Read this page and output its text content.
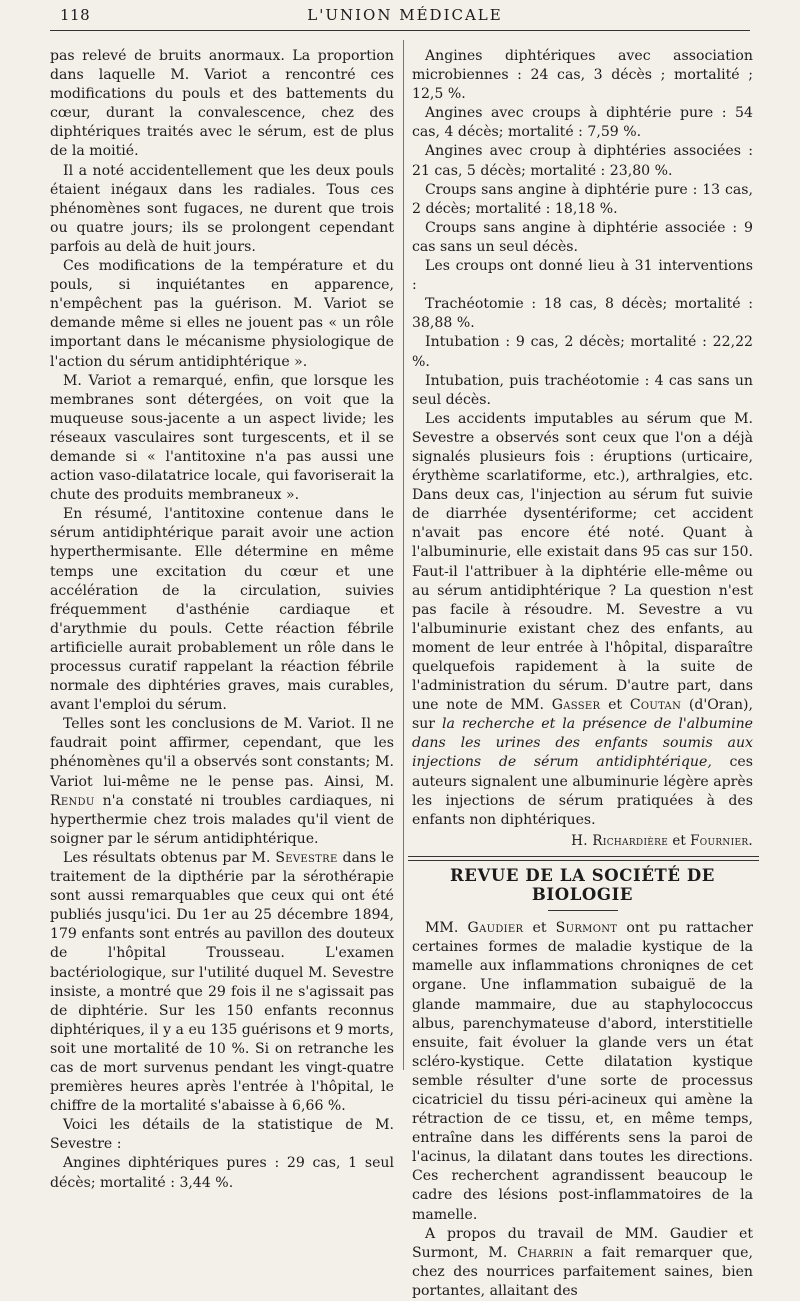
118	L'UNION MÉDICALE

pas relevé de bruits anormaux. La proportion dans laquelle M. Variot a rencontré ces modifications du pouls et des battements du cœur, durant la convalescence, chez des diphtériques traités avec le sérum, est de plus de la moitié.

Il a noté accidentellement que les deux pouls étaient inégaux dans les radiales. Tous ces phénomènes sont fugaces, ne durent que trois ou quatre jours; ils se prolongent cependant parfois au delà de huit jours.

Ces modifications de la température et du pouls, si inquiétantes en apparence, n'empêchent pas la guérison. M. Variot se demande même si elles ne jouent pas « un rôle important dans le mécanisme physiologique de l'action du sérum antidiphtérique ».

M. Variot a remarqué, enfin, que lorsque les membranes sont détergées, on voit que la muqueuse sous-jacente a un aspect livide; les réseaux vasculaires sont turgescents, et il se demande si « l'antitoxine n'a pas aussi une action vaso-dilatatrice locale, qui favoriserait la chute des produits membraneux ».

En résumé, l'antitoxine contenue dans le sérum antidiphtérique parait avoir une action hyperthermisante. Elle détermine en même temps une excitation du cœur et une accélération de la circulation, suivies fréquemment d'asthénie cardiaque et d'arythmie du pouls. Cette réaction fébrile artificielle aurait probablement un rôle dans le processus curatif rappelant la réaction fébrile normale des diphtéries graves, mais curables, avant l'emploi du sérum.

Telles sont les conclusions de M. Variot. Il ne faudrait point affirmer, cependant, que les phénomènes qu'il a observés sont constants; M. Variot lui-même ne le pense pas. Ainsi, M. Rendu n'a constaté ni troubles cardiaques, ni hyperthermie chez trois malades qu'il vient de soigner par le sérum antidiphtérique.

Les résultats obtenus par M. Sevestre dans le traitement de la dipthérie par la sérothérapie sont aussi remarquables que ceux qui ont été publiés jusqu'ici. Du 1er au 25 décembre 1894, 179 enfants sont entrés au pavillon des douteux de l'hôpital Trousseau. L'examen bactériologique, sur l'utilité duquel M. Sevestre insiste, a montré que 29 fois il ne s'agissait pas de diphtérie. Sur les 150 enfants reconnus diphtériques, il y a eu 135 guérisons et 9 morts, soit une mortalité de 10 %. Si on retranche les cas de mort survenus pendant les vingt-quatre premières heures après l'entrée à l'hôpital, le chiffre de la mortalité s'abaisse à 6,66 %.

Voici les détails de la statistique de M. Sevestre :

Angines diphtériques pures : 29 cas, 1 seul décès; mortalité : 3,44 %.

Angines diphtériques avec association microbiennes : 24 cas, 3 décès ; mortalité ; 12,5 %.

Angines avec croups à diphtérie pure : 54 cas, 4 décès; mortalité : 7,59 %.

Angines avec croup à diphtéries associées : 21 cas, 5 décès; mortalité : 23,80 %.

Croups sans angine à diphtérie pure : 13 cas, 2 décès; mortalité : 18,18 %.

Croups sans angine à diphtérie associée : 9 cas sans un seul décès.

Les croups ont donné lieu à 31 interventions :

Trachéotomie : 18 cas, 8 décès; mortalité : 38,88 %.

Intubation : 9 cas, 2 décès; mortalité : 22,22 %.

Intubation, puis trachéotomie : 4 cas sans un seul décès.

Les accidents imputables au sérum que M. Sevestre a observés sont ceux que l'on a déjà signalés plusieurs fois : éruptions (urticaire, érythème scarlatiforme, etc.), arthralgies, etc. Dans deux cas, l'injection au sérum fut suivie de diarrhée dysentériforme; cet accident n'avait pas encore été noté. Quant à l'albuminurie, elle existait dans 95 cas sur 150. Faut-il l'attribuer à la diphtérie elle-même ou au sérum antidiphtérique ? La question n'est pas facile à résoudre. M. Sevestre a vu l'albuminurie existant chez des enfants, au moment de leur entrée à l'hôpital, disparaître quelquefois rapidement à la suite de l'administration du sérum. D'autre part, dans une note de MM. Gasser et Coutan (d'Oran), sur la recherche et la présence de l'albumine dans les urines des enfants soumis aux injections de sérum antidiphtérique, ces auteurs signalent une albuminurie légère après les injections de sérum pratiquées à des enfants non diphtériques.

H. Richardière et Fournier.

REVUE DE LA SOCIÉTÉ DE BIOLOGIE

MM. Gaudier et Surmont ont pu rattacher certaines formes de maladie kystique de la mamelle aux inflammations chroniqnes de cet organe. Une inflammation subaiguë de la glande mammaire, due au staphylococcus albus, parenchymateuse d'abord, interstitielle ensuite, fait évoluer la glande vers un état scléro-kystique. Cette dilatation kystique semble résulter d'une sorte de processus cicatriciel du tissu péri-acineux qui amène la rétraction de ce tissu, et, en même temps, entraîne dans les différents sens la paroi de l'acinus, la dilatant dans toutes les directions. Ces recherchent agrandissent beaucoup le cadre des lésions post-inflammatoires de la mamelle.

A propos du travail de MM. Gaudier et Surmont, M. Charrin a fait remarquer que, chez des nourrices parfaitement saines, bien portantes, allaitant des
